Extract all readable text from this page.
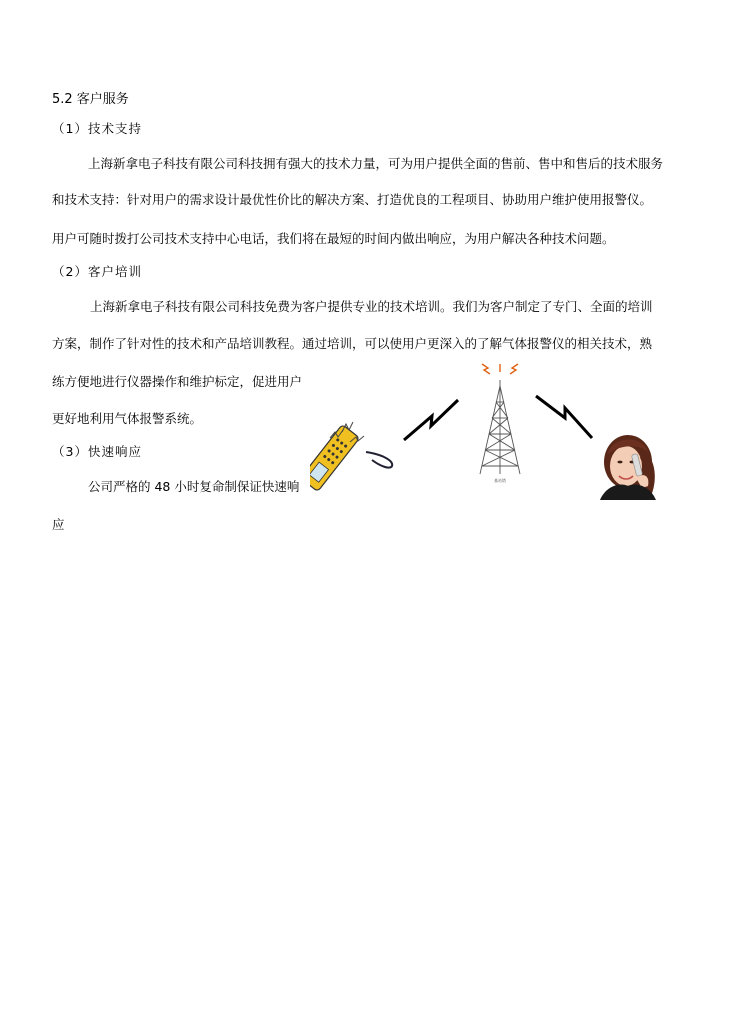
5.2 客户服务
（1）技术支持
上海新拿电子科技有限公司科技拥有强大的技术力量，可为用户提供全面的售前、售中和售后的技术服务
和技术支持：针对用户的需求设计最优性价比的解决方案、打造优良的工程项目、协助用户维护使用报警仪。
用户可随时拨打公司技术支持中心电话，我们将在最短的时间内做出响应，为用户解决各种技术问题。
（2）客户培训
上海新拿电子科技有限公司科技免费为客户提供专业的技术培训。我们为客户制定了专门、全面的培训
方案，制作了针对性的技术和产品培训教程。通过培训，可以使用户更深入的了解气体报警仪的相关技术，熟
练方便地进行仪器操作和维护标定，促进用户
更好地利用气体报警系统。
（3）快速响应
公司严格的 48 小时复命制保证快速响
应
基站塔
